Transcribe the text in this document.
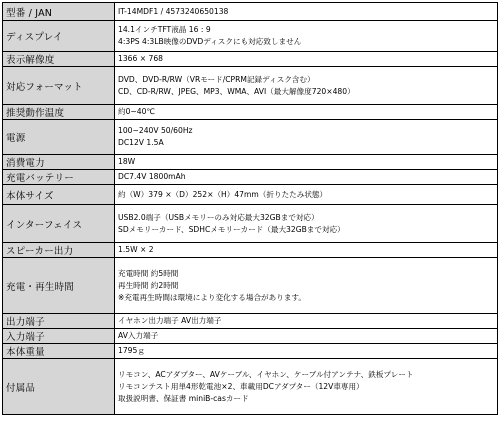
型番 / JAN	IT-14MDF1 / 4573240650138

ディスプレイ	14.1インチTFT液晶 16 : 9
4:3PS 4:3LB映像のDVDディスクにも対応致しません

表示解像度	1366 × 768

対応フォーマット	DVD、DVD-R/RW（VRモード/CPRM記録ディスク含む）
CD、CD-R/RW、JPEG、MP3、WMA、AVI（最大解像度720×480）

推奨動作温度	約0~40℃

電源	100~240V 50/60Hz
DC12V 1.5A

消費電力	18W

充電バッテリー	DC7.4V 1800mAh

本体サイズ	約（W）379 ×（D）252×（H）47mm（折りたたみ状態）

インターフェイス	USB2.0端子（USBメモリーのみ対応最大32GBまで対応）
SDメモリーカード、SDHCメモリーカード（最大32GBまで対応）

スピーカー出力	1.5W × 2

充電・再生時間	充電時間 約5時間
再生時間 約2時間
※充電再生時間は環境により変化する場合があります。

出力端子	イヤホン出力端子 AV出力端子

入力端子	AV入力端子

本体重量	1795ｇ

付属品	リモコン、ACアダプター、AVケーブル、イヤホン、ケーブル付アンテナ、鉄板プレート
リモコンテスト用単4形乾電池×2、車載用DCアダプター（12V車専用）
取扱説明書、保証書 miniB-casカード
